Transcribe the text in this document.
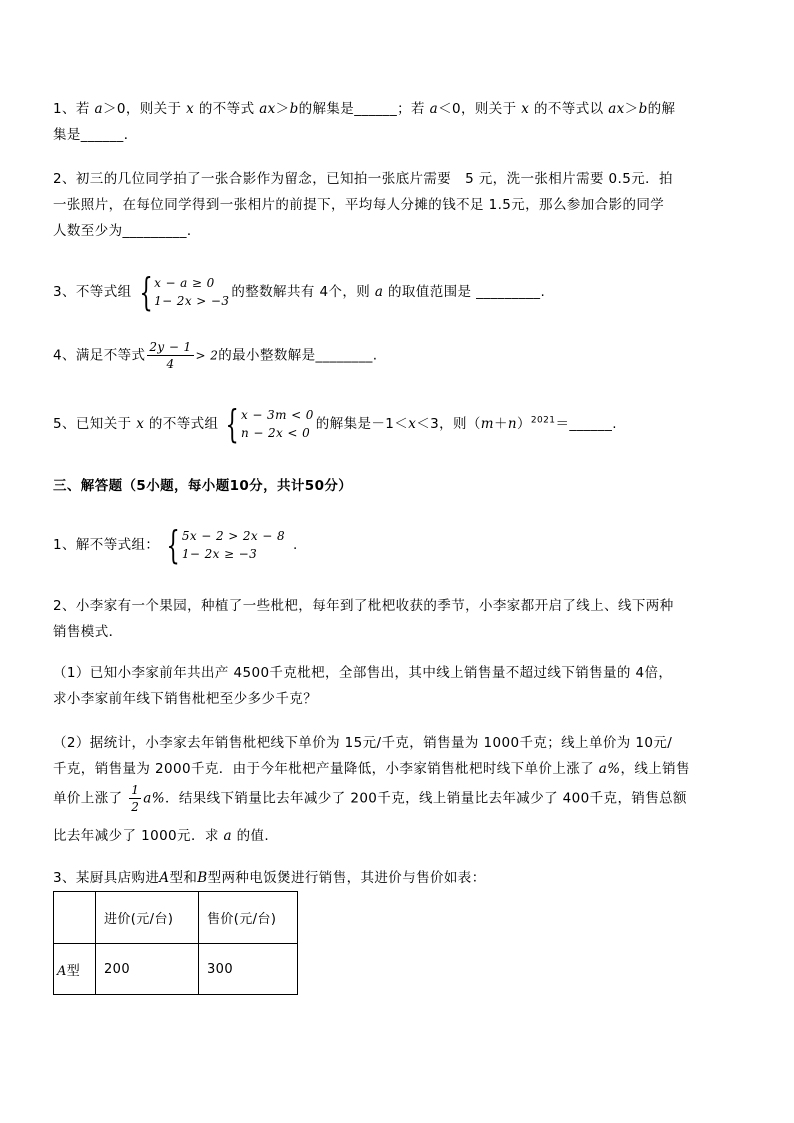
1、若 a＞0，则关于 x 的不等式 ax＞b的解集是______；若 a＜0，则关于 x 的不等式以 ax＞b的解
集是______．
2、初三的几位同学拍了一张合影作为留念，已知拍一张底片需要　5 元，洗一张相片需要 0.5元．拍
一张照片，在每位同学得到一张相片的前提下，平均每人分摊的钱不足 1.5元，那么参加合影的同学
人数至少为_________．
3、不等式组 { x − a ≥ 0
1− 2x > −3
的整数解共有 4个，则 a 的取值范围是 _________.
4、满足不等式 $\frac{2y - 1}{4} > 2$的最小整数解是________.
5、已知关于 x 的不等式组 { x − 3m < 0
n − 2x < 0
的解集是－1＜x＜3，则$(m+n)^{2021}=\_\_\_\_\_\_$.
三、解答题（5小题，每小题10分，共计50分）
1、解不等式组： { 5x − 2 > 2x − 8
1− 2x ≥ −3
.
2、小李家有一个果园，种植了一些枇杷，每年到了枇杷收获的季节，小李家都开启了线上、线下两种
销售模式．
（1）已知小李家前年共出产 4500千克枇杷，全部售出，其中线上销售量不超过线下销售量的 4倍，
求小李家前年线下销售枇杷至少多少千克？
（2）据统计，小李家去年销售枇杷线下单价为 15元/千克，销售量为 1000千克；线上单价为 10元/
千克，销售量为 2000千克．由于今年枇杷产量降低，小李家销售枇杷时线下单价上涨了 a%，线上销售
单价上涨了 $\frac{1}{2} a\%$．结果线下销量比去年减少了 200千克，线上销量比去年减少了 400千克，销售总额
比去年减少了 1000元．求 a 的值.
3、某厨具店购进A型和B型两种电饭煲进行销售，其进价与售价如表：
	进价(元/台)	售价(元/台)
A型	200	300
